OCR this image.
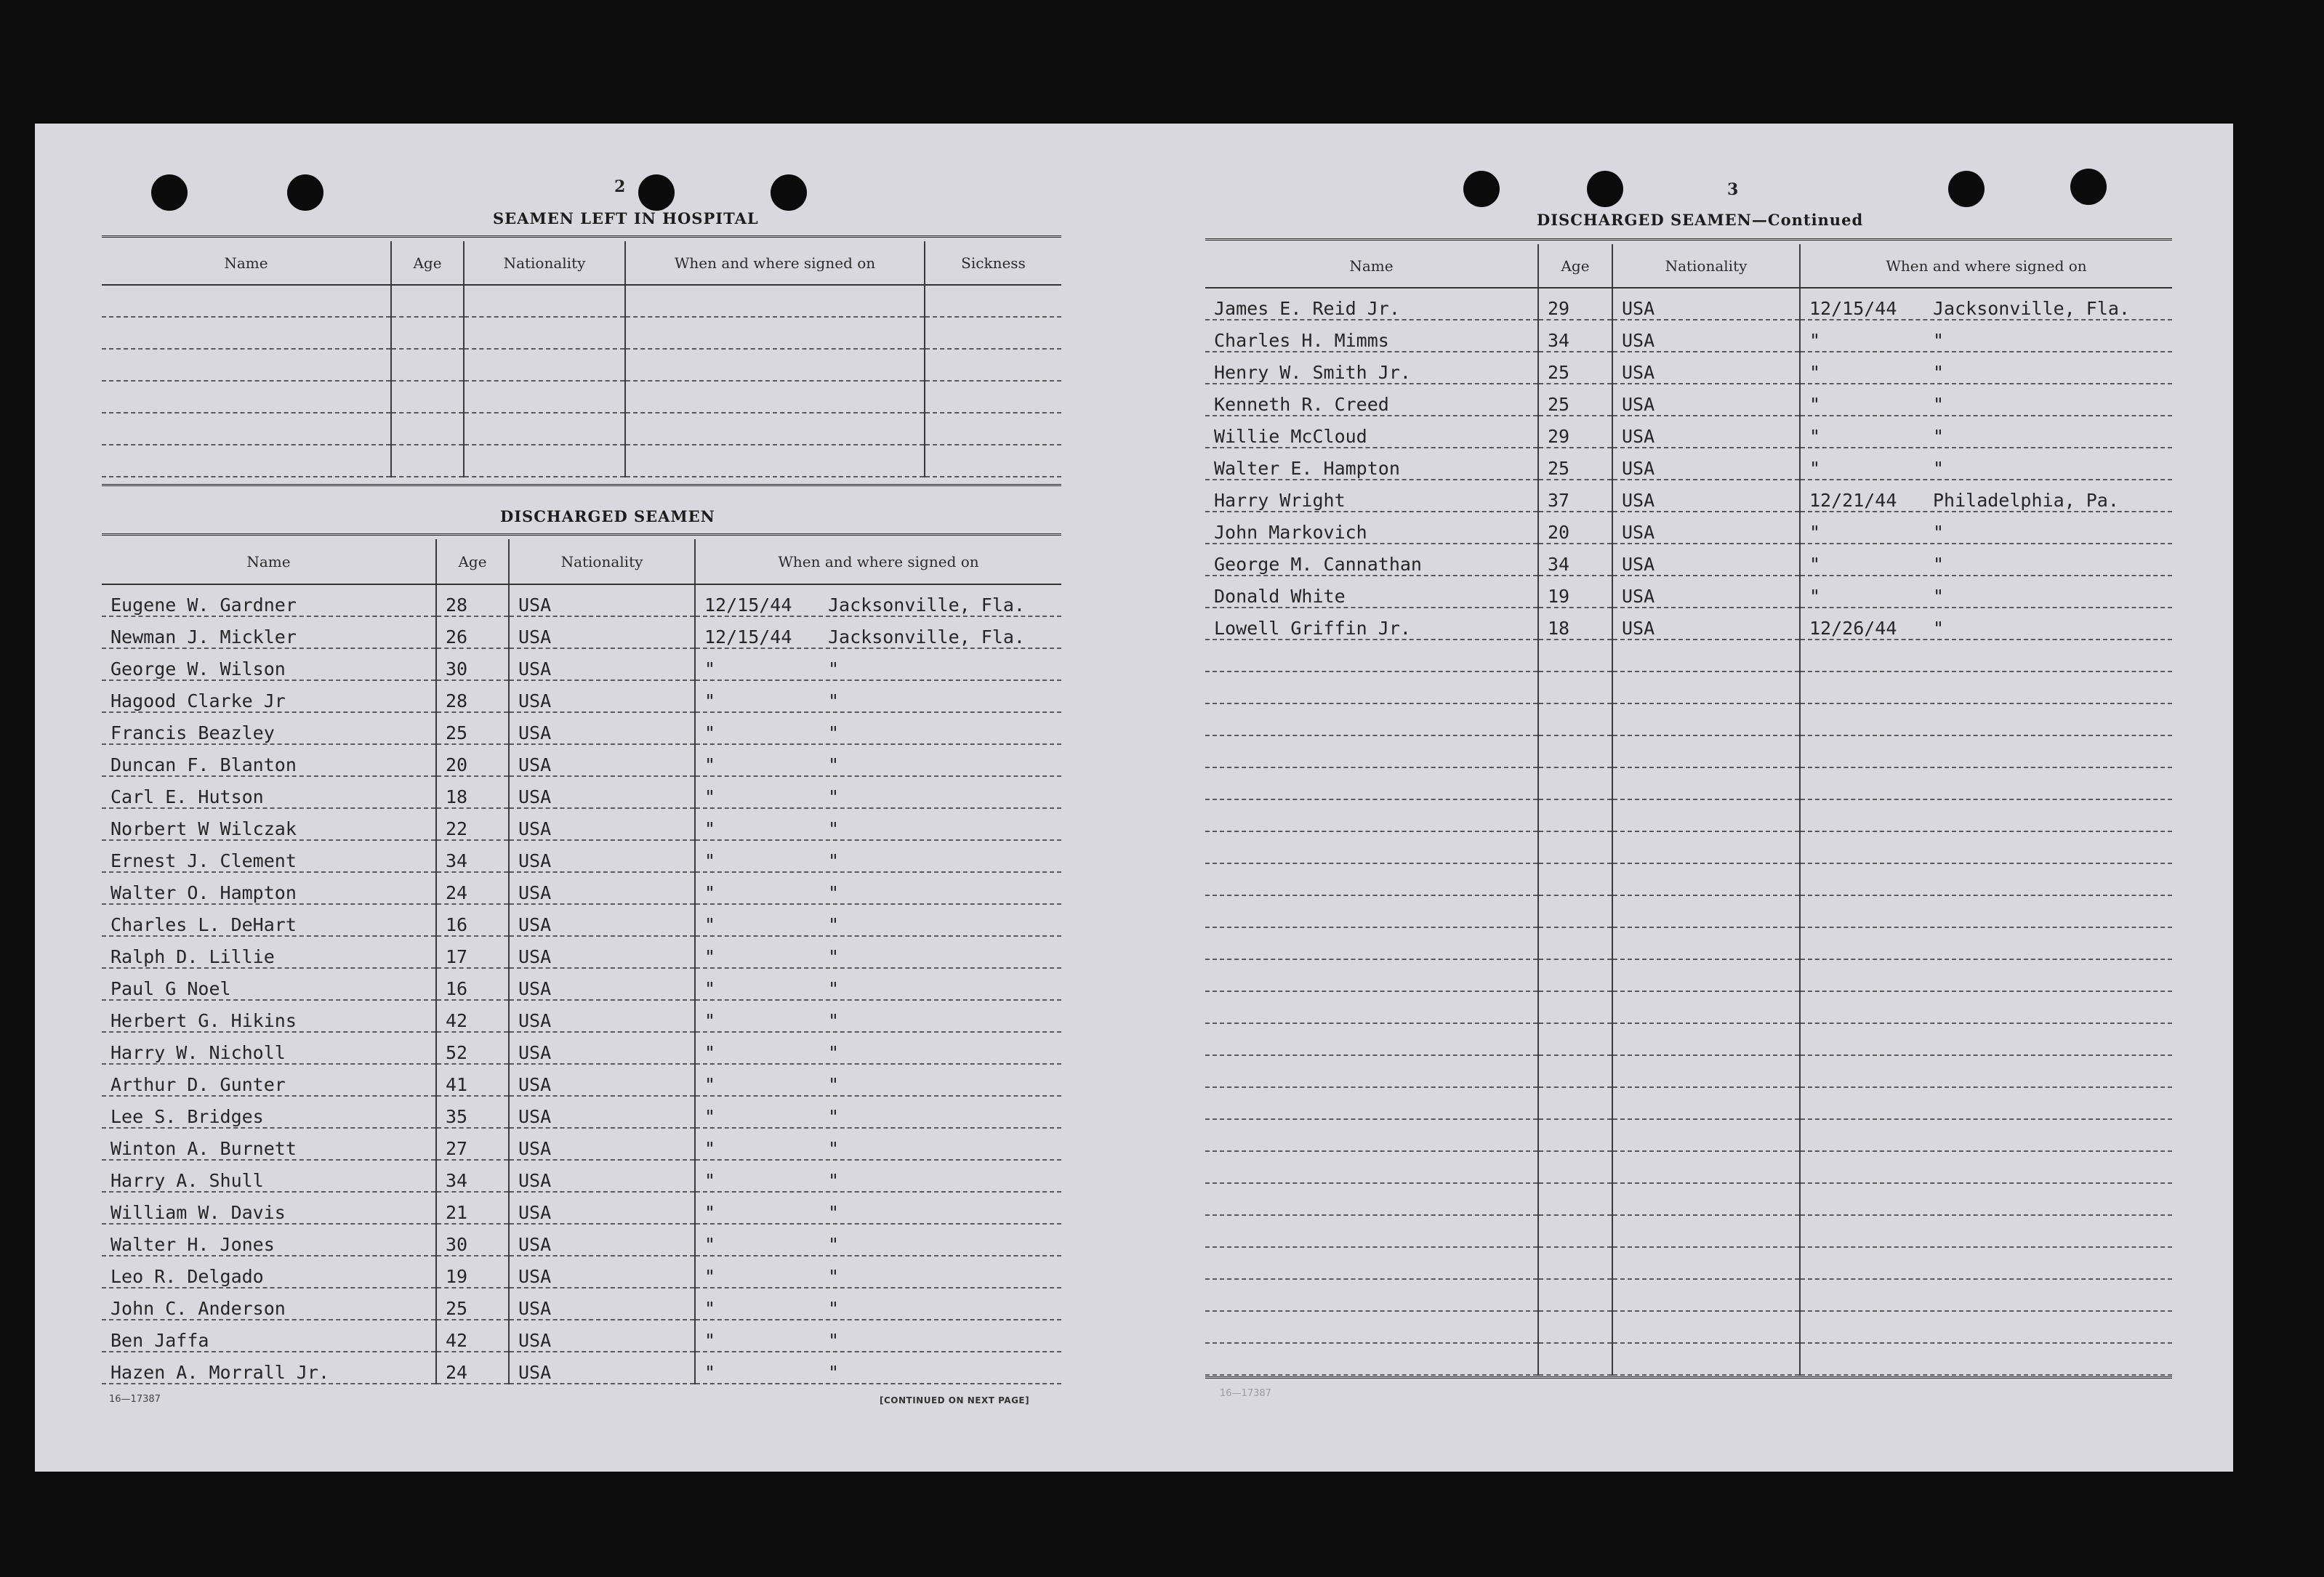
2
SEAMEN LEFT IN HOSPITAL
Name	Age	Nationality	When and where signed on	Sickness

DISCHARGED SEAMEN
Name	Age	Nationality	When and where signed on
Eugene W. Gardner	28	USA	12/15/44 Jacksonville, Fla.
Newman J. Mickler	26	USA	12/15/44 Jacksonville, Fla.
George W. Wilson	30	USA	" "
Hagood Clarke Jr	28	USA	" "
Francis Beazley	25	USA	" "
Duncan F. Blanton	20	USA	" "
Carl E. Hutson	18	USA	" "
Norbert W Wilczak	22	USA	" "
Ernest J. Clement	34	USA	" "
Walter O. Hampton	24	USA	" "
Charles L. DeHart	16	USA	" "
Ralph D. Lillie	17	USA	" "
Paul G Noel	16	USA	" "
Herbert G. Hikins	42	USA	" "
Harry W. Nicholl	52	USA	" "
Arthur D. Gunter	41	USA	" "
Lee S. Bridges	35	USA	" "
Winton A. Burnett	27	USA	" "
Harry A. Shull	34	USA	" "
William W. Davis	21	USA	" "
Walter H. Jones	30	USA	" "
Leo R. Delgado	19	USA	" "
John C. Anderson	25	USA	" "
Ben Jaffa	42	USA	" "
Hazen A. Morrall Jr.	24	USA	" "
16—17387	[CONTINUED ON NEXT PAGE]
3
DISCHARGED SEAMEN—Continued
Name	Age	Nationality	When and where signed on
James E. Reid Jr.	29	USA	12/15/44 Jacksonville, Fla.
Charles H. Mimms	34	USA	" "
Henry W. Smith Jr.	25	USA	" "
Kenneth R. Creed	25	USA	" "
Willie McCloud	29	USA	" "
Walter E. Hampton	25	USA	" "
Harry Wright	37	USA	12/21/44 Philadelphia, Pa.
John Markovich	20	USA	" "
George M. Cannathan	34	USA	" "
Donald White	19	USA	" "
Lowell Griffin Jr.	18	USA	12/26/44 "

16—17387
